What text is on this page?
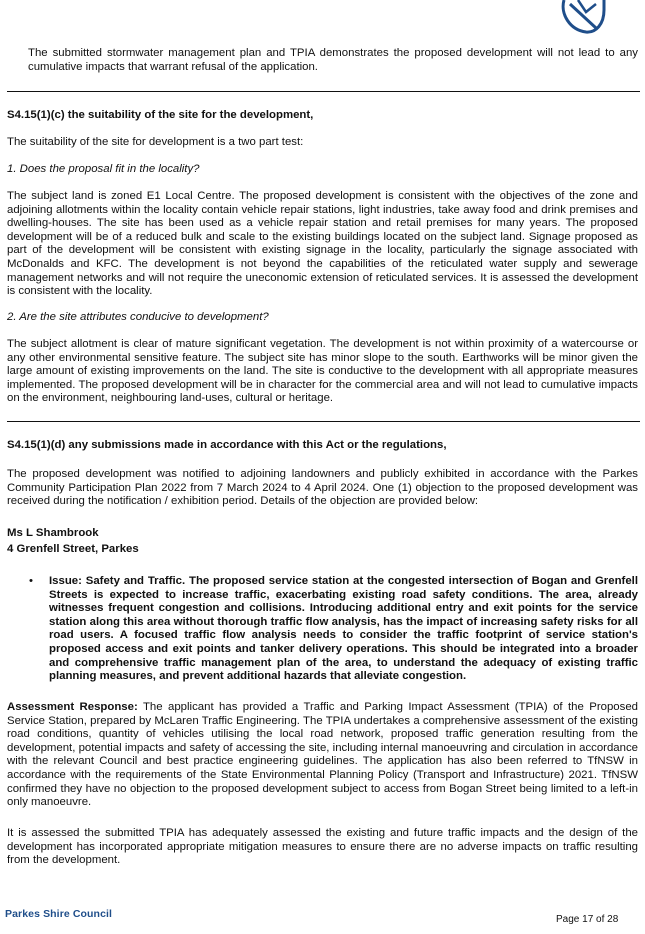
The submitted stormwater management plan and TPIA demonstrates the proposed development will not lead to any cumulative impacts that warrant refusal of the application.

S4.15(1)(c) the suitability of the site for the development,

The suitability of the site for development is a two part test:

1. Does the proposal fit in the locality?

The subject land is zoned E1 Local Centre. The proposed development is consistent with the objectives of the zone and adjoining allotments within the locality contain vehicle repair stations, light industries, take away food and drink premises and dwelling-houses. The site has been used as a vehicle repair station and retail premises for many years. The proposed development will be of a reduced bulk and scale to the existing buildings located on the subject land. Signage proposed as part of the development will be consistent with existing signage in the locality, particularly the signage associated with McDonalds and KFC. The development is not beyond the capabilities of the reticulated water supply and sewerage management networks and will not require the uneconomic extension of reticulated services. It is assessed the development is consistent with the locality.

2. Are the site attributes conducive to development?

The subject allotment is clear of mature significant vegetation. The development is not within proximity of a watercourse or any other environmental sensitive feature. The subject site has minor slope to the south. Earthworks will be minor given the large amount of existing improvements on the land. The site is conductive to the development with all appropriate measures implemented. The proposed development will be in character for the commercial area and will not lead to cumulative impacts on the environment, neighbouring land-uses, cultural or heritage.

S4.15(1)(d) any submissions made in accordance with this Act or the regulations,

The proposed development was notified to adjoining landowners and publicly exhibited in accordance with the Parkes Community Participation Plan 2022 from 7 March 2024 to 4 April 2024. One (1) objection to the proposed development was received during the notification / exhibition period. Details of the objection are provided below:

Ms L Shambrook

4 Grenfell Street, Parkes

• Issue: Safety and Traffic. The proposed service station at the congested intersection of Bogan and Grenfell Streets is expected to increase traffic, exacerbating existing road safety conditions. The area, already witnesses frequent congestion and collisions. Introducing additional entry and exit points for the service station along this area without thorough traffic flow analysis, has the impact of increasing safety risks for all road users. A focused traffic flow analysis needs to consider the traffic footprint of service station's proposed access and exit points and tanker delivery operations. This should be integrated into a broader and comprehensive traffic management plan of the area, to understand the adequacy of existing traffic planning measures, and prevent additional hazards that alleviate congestion.

Assessment Response: The applicant has provided a Traffic and Parking Impact Assessment (TPIA) of the Proposed Service Station, prepared by McLaren Traffic Engineering. The TPIA undertakes a comprehensive assessment of the existing road conditions, quantity of vehicles utilising the local road network, proposed traffic generation resulting from the development, potential impacts and safety of accessing the site, including internal manoeuvring and circulation in accordance with the relevant Council and best practice engineering guidelines. The application has also been referred to TfNSW in accordance with the requirements of the State Environmental Planning Policy (Transport and Infrastructure) 2021. TfNSW confirmed they have no objection to the proposed development subject to access from Bogan Street being limited to a left-in only manoeuvre.

It is assessed the submitted TPIA has adequately assessed the existing and future traffic impacts and the design of the development has incorporated appropriate mitigation measures to ensure there are no adverse impacts on traffic resulting from the development.

Parkes Shire Council	Page 17 of 28
